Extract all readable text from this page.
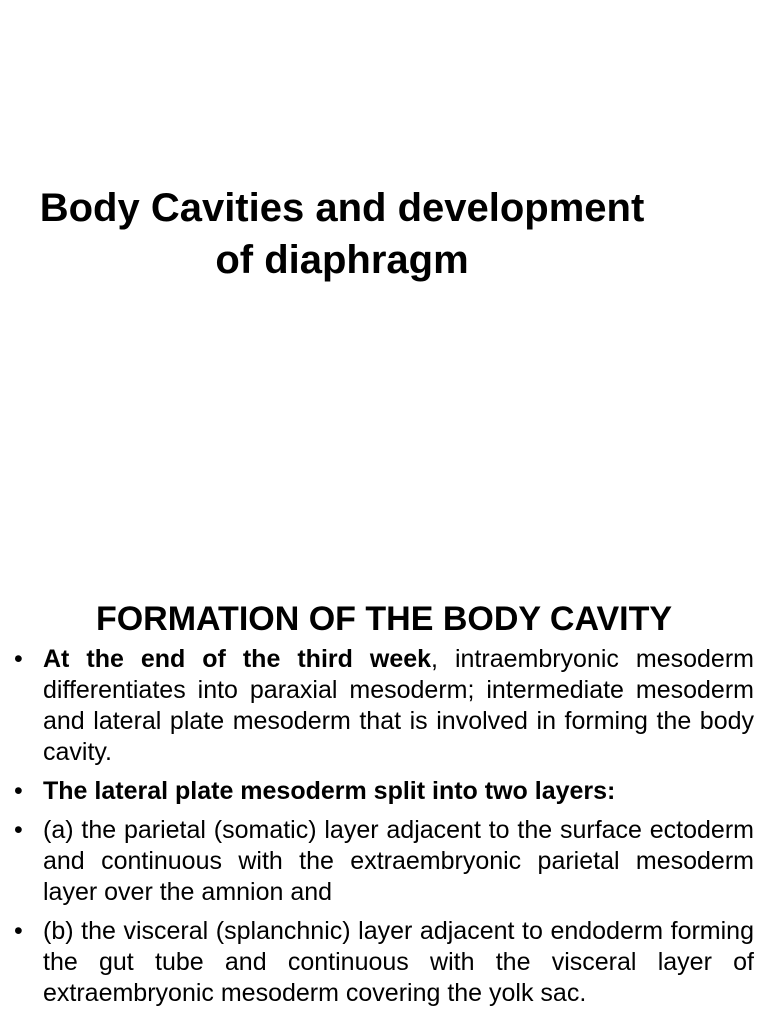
Body Cavities and development
of diaphragm
FORMATION OF THE BODY CAVITY
• At the end of the third week, intraembryonic mesoderm differentiates into paraxial mesoderm; intermediate mesoderm and lateral plate mesoderm that is involved in forming the body cavity.
• The lateral plate mesoderm split into two layers:
• (a) the parietal (somatic) layer adjacent to the surface ectoderm and continuous with the extraembryonic parietal mesoderm layer over the amnion and
• (b) the visceral (splanchnic) layer adjacent to endoderm forming the gut tube and continuous with the visceral layer of extraembryonic mesoderm covering the yolk sac.
